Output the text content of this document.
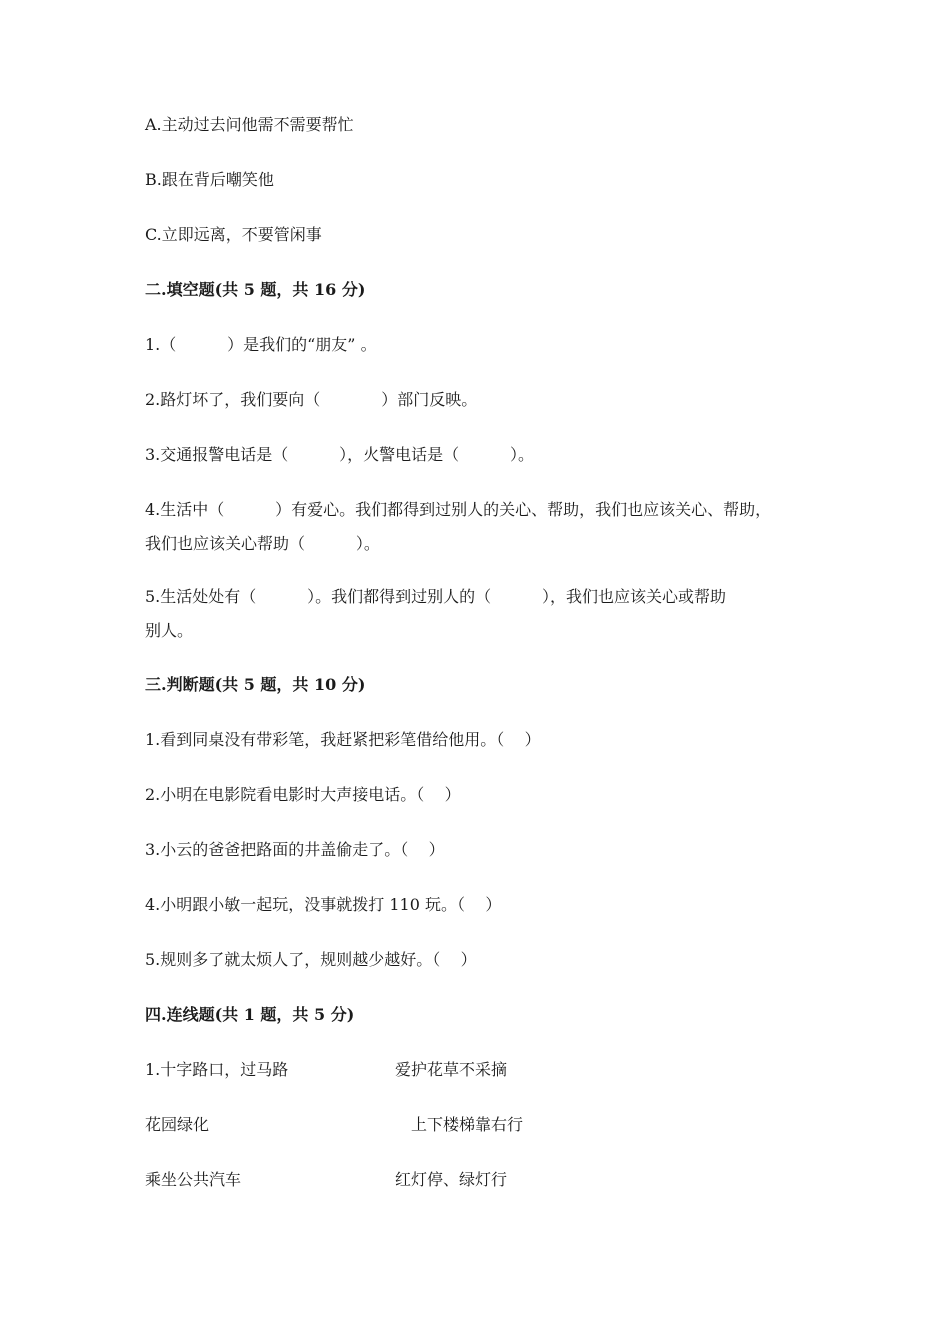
A.主动过去问他需不需要帮忙
B.跟在背后嘲笑他
C.立即远离，不要管闲事
二.填空题(共 5 题，共 16 分)
1.（          ）是我们的“朋友” 。
2.路灯坏了，我们要向（            ）部门反映。
3.交通报警电话是（          ），火警电话是（          ）。
4.生活中（          ）有爱心。我们都得到过别人的关心、帮助，我们也应该关心、帮助，
我们也应该关心帮助（          ）。
5.生活处处有（          ）。我们都得到过别人的（          ），我们也应该关心或帮助
别人。
三.判断题(共 5 题，共 10 分)
1.看到同桌没有带彩笔，我赶紧把彩笔借给他用。（    ）
2.小明在电影院看电影时大声接电话。（    ）
3.小云的爸爸把路面的井盖偷走了。（    ）
4.小明跟小敏一起玩，没事就拨打 110 玩。（    ）
5.规则多了就太烦人了，规则越少越好。（    ）
四.连线题(共 1 题，共 5 分)
1.十字路口，过马路	爱护花草不采摘
花园绿化	上下楼梯靠右行
乘坐公共汽车	红灯停、绿灯行
